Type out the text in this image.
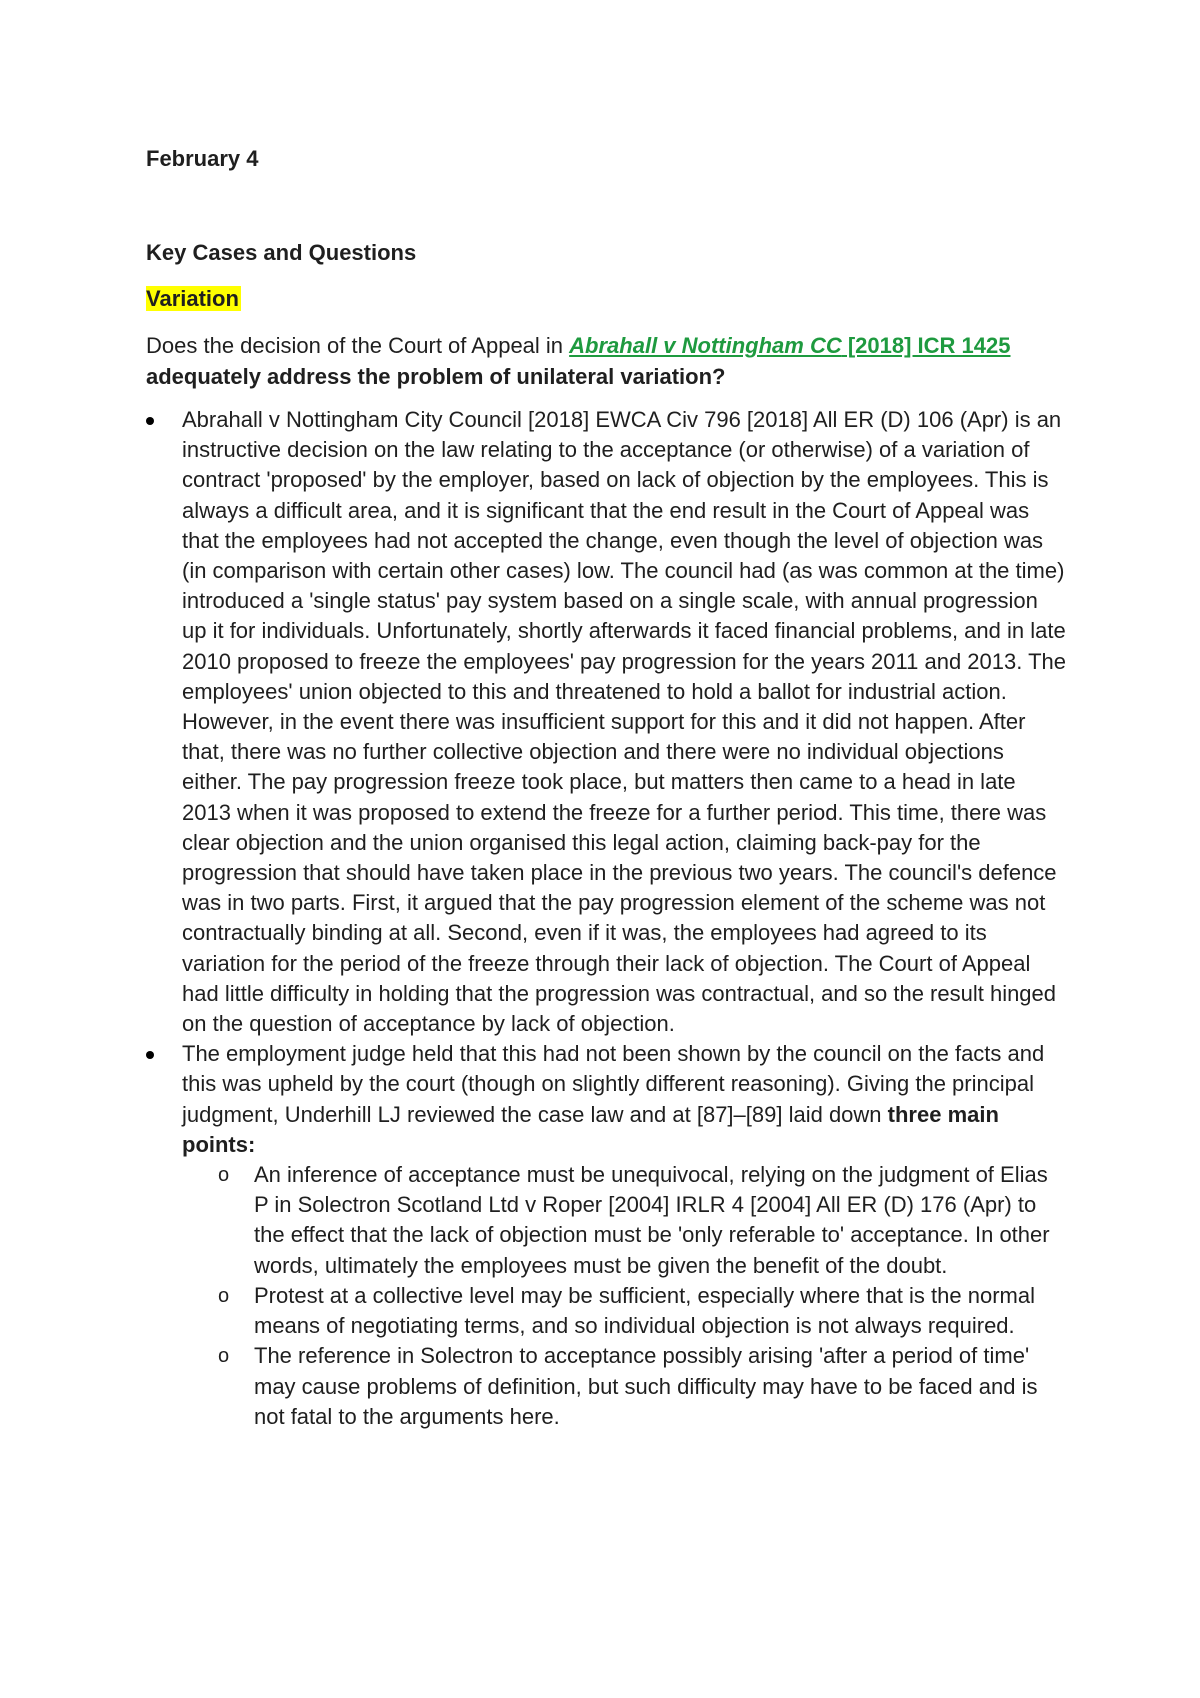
February 4
Key Cases and Questions
Variation

Does the decision of the Court of Appeal in Abrahall v Nottingham CC [2018] ICR 1425 adequately address the problem of unilateral variation?

Abrahall v Nottingham City Council [2018] EWCA Civ 796 [2018] All ER (D) 106 (Apr) is an instructive decision on the law relating to the acceptance (or otherwise) of a variation of contract 'proposed' by the employer, based on lack of objection by the employees. This is always a difficult area, and it is significant that the end result in the Court of Appeal was that the employees had not accepted the change, even though the level of objection was (in comparison with certain other cases) low. The council had (as was common at the time) introduced a 'single status' pay system based on a single scale, with annual progression up it for individuals. Unfortunately, shortly afterwards it faced financial problems, and in late 2010 proposed to freeze the employees' pay progression for the years 2011 and 2013. The employees' union objected to this and threatened to hold a ballot for industrial action. However, in the event there was insufficient support for this and it did not happen. After that, there was no further collective objection and there were no individual objections either. The pay progression freeze took place, but matters then came to a head in late 2013 when it was proposed to extend the freeze for a further period. This time, there was clear objection and the union organised this legal action, claiming back-pay for the progression that should have taken place in the previous two years. The council's defence was in two parts. First, it argued that the pay progression element of the scheme was not contractually binding at all. Second, even if it was, the employees had agreed to its variation for the period of the freeze through their lack of objection. The Court of Appeal had little difficulty in holding that the progression was contractual, and so the result hinged on the question of acceptance by lack of objection.
The employment judge held that this had not been shown by the council on the facts and this was upheld by the court (though on slightly different reasoning). Giving the principal judgment, Underhill LJ reviewed the case law and at [87]–[89] laid down three main points:
o An inference of acceptance must be unequivocal, relying on the judgment of Elias P in Solectron Scotland Ltd v Roper [2004] IRLR 4 [2004] All ER (D) 176 (Apr) to the effect that the lack of objection must be 'only referable to' acceptance. In other words, ultimately the employees must be given the benefit of the doubt.
o Protest at a collective level may be sufficient, especially where that is the normal means of negotiating terms, and so individual objection is not always required.
o The reference in Solectron to acceptance possibly arising 'after a period of time' may cause problems of definition, but such difficulty may have to be faced and is not fatal to the arguments here.
